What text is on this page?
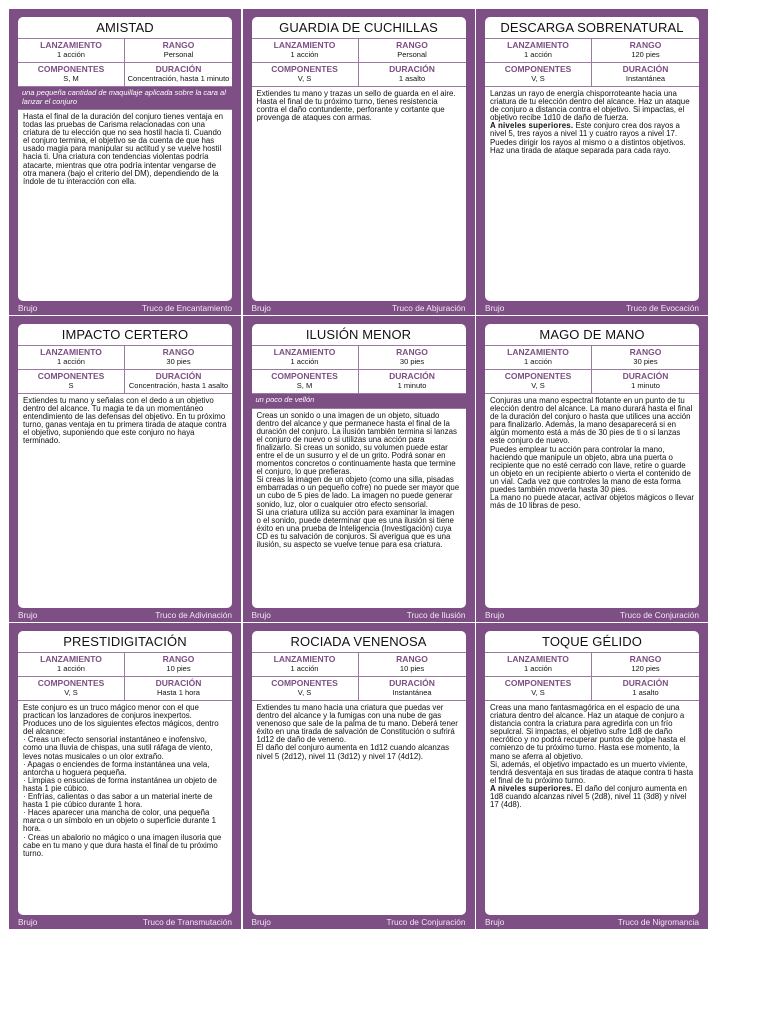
AMISTAD
LANZAMIENTO
1 acción
RANGO
Personal
COMPONENTES
S, M
DURACIÓN
Concentración, hasta 1 minuto
una pequeña cantidad de maquillaje aplicada sobre la cara al lanzar el conjuro

Hasta el final de la duración del conjuro tienes ventaja en todas las pruebas de Carisma relacionadas con una criatura de tu elección que no sea hostil hacia ti. Cuando el conjuro termina, el objetivo se da cuenta de que has usado magia para manipular su actitud y se vuelve hostil hacia ti. Una criatura con tendencias violentas podría atacarte, mientras que otra podría intentar vengarse de otra manera (bajo el criterio del DM), dependiendo de la índole de tu interacción con ella.

Brujo	Truco de Encantamiento
GUARDIA DE CUCHILLAS
LANZAMIENTO
1 acción
RANGO
Personal
COMPONENTES
V, S
DURACIÓN
1 asalto

Extiendes tu mano y trazas un sello de guarda en el aire. Hasta el final de tu próximo turno, tienes resistencia contra el daño contundente, perforante y cortante que provenga de ataques con armas.

Brujo	Truco de Abjuración
DESCARGA SOBRENATURAL
LANZAMIENTO
1 acción
RANGO
120 pies
COMPONENTES
V, S
DURACIÓN
Instantánea

Lanzas un rayo de energía chisporroteante hacia una criatura de tu elección dentro del alcance. Haz un ataque de conjuro a distancia contra el objetivo. Si impactas, el objetivo recibe 1d10 de daño de fuerza.

A niveles superiores. Este conjuro crea dos rayos a nivel 5, tres rayos a nivel 11 y cuatro rayos a nivel 17. Puedes dirigir los rayos al mismo o a distintos objetivos. Haz una tirada de ataque separada para cada rayo.

Brujo	Truco de Evocación
IMPACTO CERTERO
LANZAMIENTO
1 acción
RANGO
30 pies
COMPONENTES
S
DURACIÓN
Concentración, hasta 1 asalto

Extiendes tu mano y señalas con el dedo a un objetivo dentro del alcance. Tu magia te da un momentáneo entendimiento de las defensas del objetivo. En tu próximo turno, ganas ventaja en tu primera tirada de ataque contra el objetivo, suponiendo que este conjuro no haya terminado.

Brujo	Truco de Adivinación
ILUSIÓN MENOR
LANZAMIENTO
1 acción
RANGO
30 pies
COMPONENTES
S, M
DURACIÓN
1 minuto
un poco de vellón

Creas un sonido o una imagen de un objeto, situado dentro del alcance y que permanece hasta el final de la duración del conjuro. La ilusión también termina si lanzas el conjuro de nuevo o si utilizas una acción para finalizarlo. Si creas un sonido, su volumen puede estar entre el de un susurro y el de un grito. Podrá sonar en momentos concretos o continuamente hasta que termine el conjuro, lo que prefieras.

Si creas la imagen de un objeto (como una silla, pisadas embarradas o un pequeño cofre) no puede ser mayor que un cubo de 5 pies de lado. La imagen no puede generar sonido, luz, olor o cualquier otro efecto sensorial.

Si una criatura utiliza su acción para examinar la imagen o el sonido, puede determinar que es una ilusión si tiene éxito en una prueba de Inteligencia (Investigación) cuya CD es tu salvación de conjuros. Si averigua que es una ilusión, su aspecto se vuelve tenue para esa criatura.

Brujo	Truco de Ilusión
MAGO DE MANO
LANZAMIENTO
1 acción
RANGO
30 pies
COMPONENTES
V, S
DURACIÓN
1 minuto

Conjuras una mano espectral flotante en un punto de tu elección dentro del alcance. La mano durará hasta el final de la duración del conjuro o hasta que utilices una acción para finalizarlo. Además, la mano desaparecerá si en algún momento está a más de 30 pies de ti o si lanzas este conjuro de nuevo.

Puedes emplear tu acción para controlar la mano, haciendo que manipule un objeto, abra una puerta o recipiente que no esté cerrado con llave, retire o guarde un objeto en un recipiente abierto o vierta el contenido de un vial. Cada vez que controles la mano de esta forma puedes también moverla hasta 30 pies.

La mano no puede atacar, activar objetos mágicos o llevar más de 10 libras de peso.

Brujo	Truco de Conjuración
PRESTIDIGITACIÓN
LANZAMIENTO
1 acción
RANGO
10 pies
COMPONENTES
V, S
DURACIÓN
Hasta 1 hora

Este conjuro es un truco mágico menor con el que practican los lanzadores de conjuros inexpertos. Produces uno de los siguientes efectos mágicos, dentro del alcance:

· Creas un efecto sensorial instantáneo e inofensivo, como una lluvia de chispas, una sutil ráfaga de viento, leves notas musicales o un olor extraño.

· Apagas o enciendes de forma instantánea una vela, antorcha u hoguera pequeña.

· Limpias o ensucias de forma instantánea un objeto de hasta 1 pie cúbico.

· Enfrías, calientas o das sabor a un material inerte de hasta 1 pie cúbico durante 1 hora.

· Haces aparecer una mancha de color, una pequeña marca o un símbolo en un objeto o superficie durante 1 hora.

· Creas un abalorio no mágico o una imagen ilusoria que cabe en tu mano y que dura hasta el final de tu próximo turno.

Brujo	Truco de Transmutación
ROCIADA VENENOSA
LANZAMIENTO
1 acción
RANGO
10 pies
COMPONENTES
V, S
DURACIÓN
Instantánea

Extiendes tu mano hacia una criatura que puedas ver dentro del alcance y la fumigas con una nube de gas venenoso que sale de la palma de tu mano. Deberá tener éxito en una tirada de salvación de Constitución o sufrirá 1d12 de daño de veneno.

El daño del conjuro aumenta en 1d12 cuando alcanzas nivel 5 (2d12), nivel 11 (3d12) y nivel 17 (4d12).

Brujo	Truco de Conjuración
TOQUE GÉLIDO
LANZAMIENTO
1 acción
RANGO
120 pies
COMPONENTES
V, S
DURACIÓN
1 asalto

Creas una mano fantasmagórica en el espacio de una criatura dentro del alcance. Haz un ataque de conjuro a distancia contra la criatura para agredirla con un frío sepulcral. Si impactas, el objetivo sufre 1d8 de daño necrótico y no podrá recuperar puntos de golpe hasta el comienzo de tu próximo turno. Hasta ese momento, la mano se aferra al objetivo.

Si, además, el objetivo impactado es un muerto viviente, tendrá desventaja en sus tiradas de ataque contra ti hasta el final de tu próximo turno.

A niveles superiores. El daño del conjuro aumenta en 1d8 cuando alcanzas nivel 5 (2d8), nivel 11 (3d8) y nivel 17 (4d8).

Brujo	Truco de Nigromancia
